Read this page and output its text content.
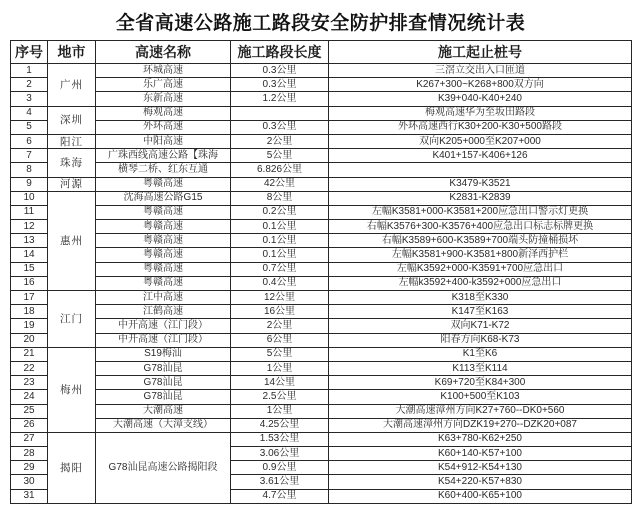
全省高速公路施工路段安全防护排查情况统计表
序号	地市	高速名称	施工路段长度	施工起止桩号
1	广州	环城高速	0.3公里	三滘立交出入口匝道
2		乐广高速	0.3公里	K267+300~K268+800双方向
3		东新高速	1.2公里	K39+040-K40+240
4	深圳	梅观高速		梅观高速华为至坂田路段
5		外环高速	0.3公里	外环高速西行K30+200-K30+500路段
6	阳江	中阳高速	2公里	双向K205+000至K207+000
7	珠海	广珠西线高速公路【珠海	5公里	K401+157-K406+126
8		横琴二桥、红东互通	6.826公里	
9	河源	粤赣高速	42公里	K3479-K3521
10	惠州	沈海高速公路G15	8公里	K2831-K2839
11		粤赣高速	0.2公里	左幅K3581+000-K3581+200应急出口警示灯更换
12		粤赣高速	0.1公里	右幅K3576+300-K3576+400应急出口标志标牌更换
13		粤赣高速	0.1公里	右幅K3589+600-K3589+700端头防撞桶损坏
14		粤赣高速	0.1公里	左幅K3581+900-K3581+800新泽西护栏
15		粤赣高速	0.7公里	左幅K3592+000-K3591+700应急出口
16		粤赣高速	0.4公里	左幅k3592+400-k3592+000应急出口
17	江门	江中高速	12公里	K318至K330
18		江鹤高速	16公里	K147至K163
19		中开高速（江门段）	2公里	双向K71-K72
20		中开高速（江门段）	6公里	阳春方向K68-K73
21	梅州	S19梅汕	5公里	K1至K6
22		G78汕昆	1公里	K113至K114
23		G78汕昆	14公里	K69+720至K84+300
24		G78汕昆	2.5公里	K100+500至K103
25		大潮高速	1公里	大潮高速漳州方向K27+760--DK0+560
26		大潮高速（大漳支线）	4.25公里	大潮高速漳州方向DZK19+270--DZK20+087
27	揭阳	G78汕昆高速公路揭阳段	1.53公里	K63+780-K62+250
28			3.06公里	K60+140-K57+100
29			0.9公里	K54+912-K54+130
30			3.61公里	K54+220-K57+830
31			4.7公里	K60+400-K65+100
